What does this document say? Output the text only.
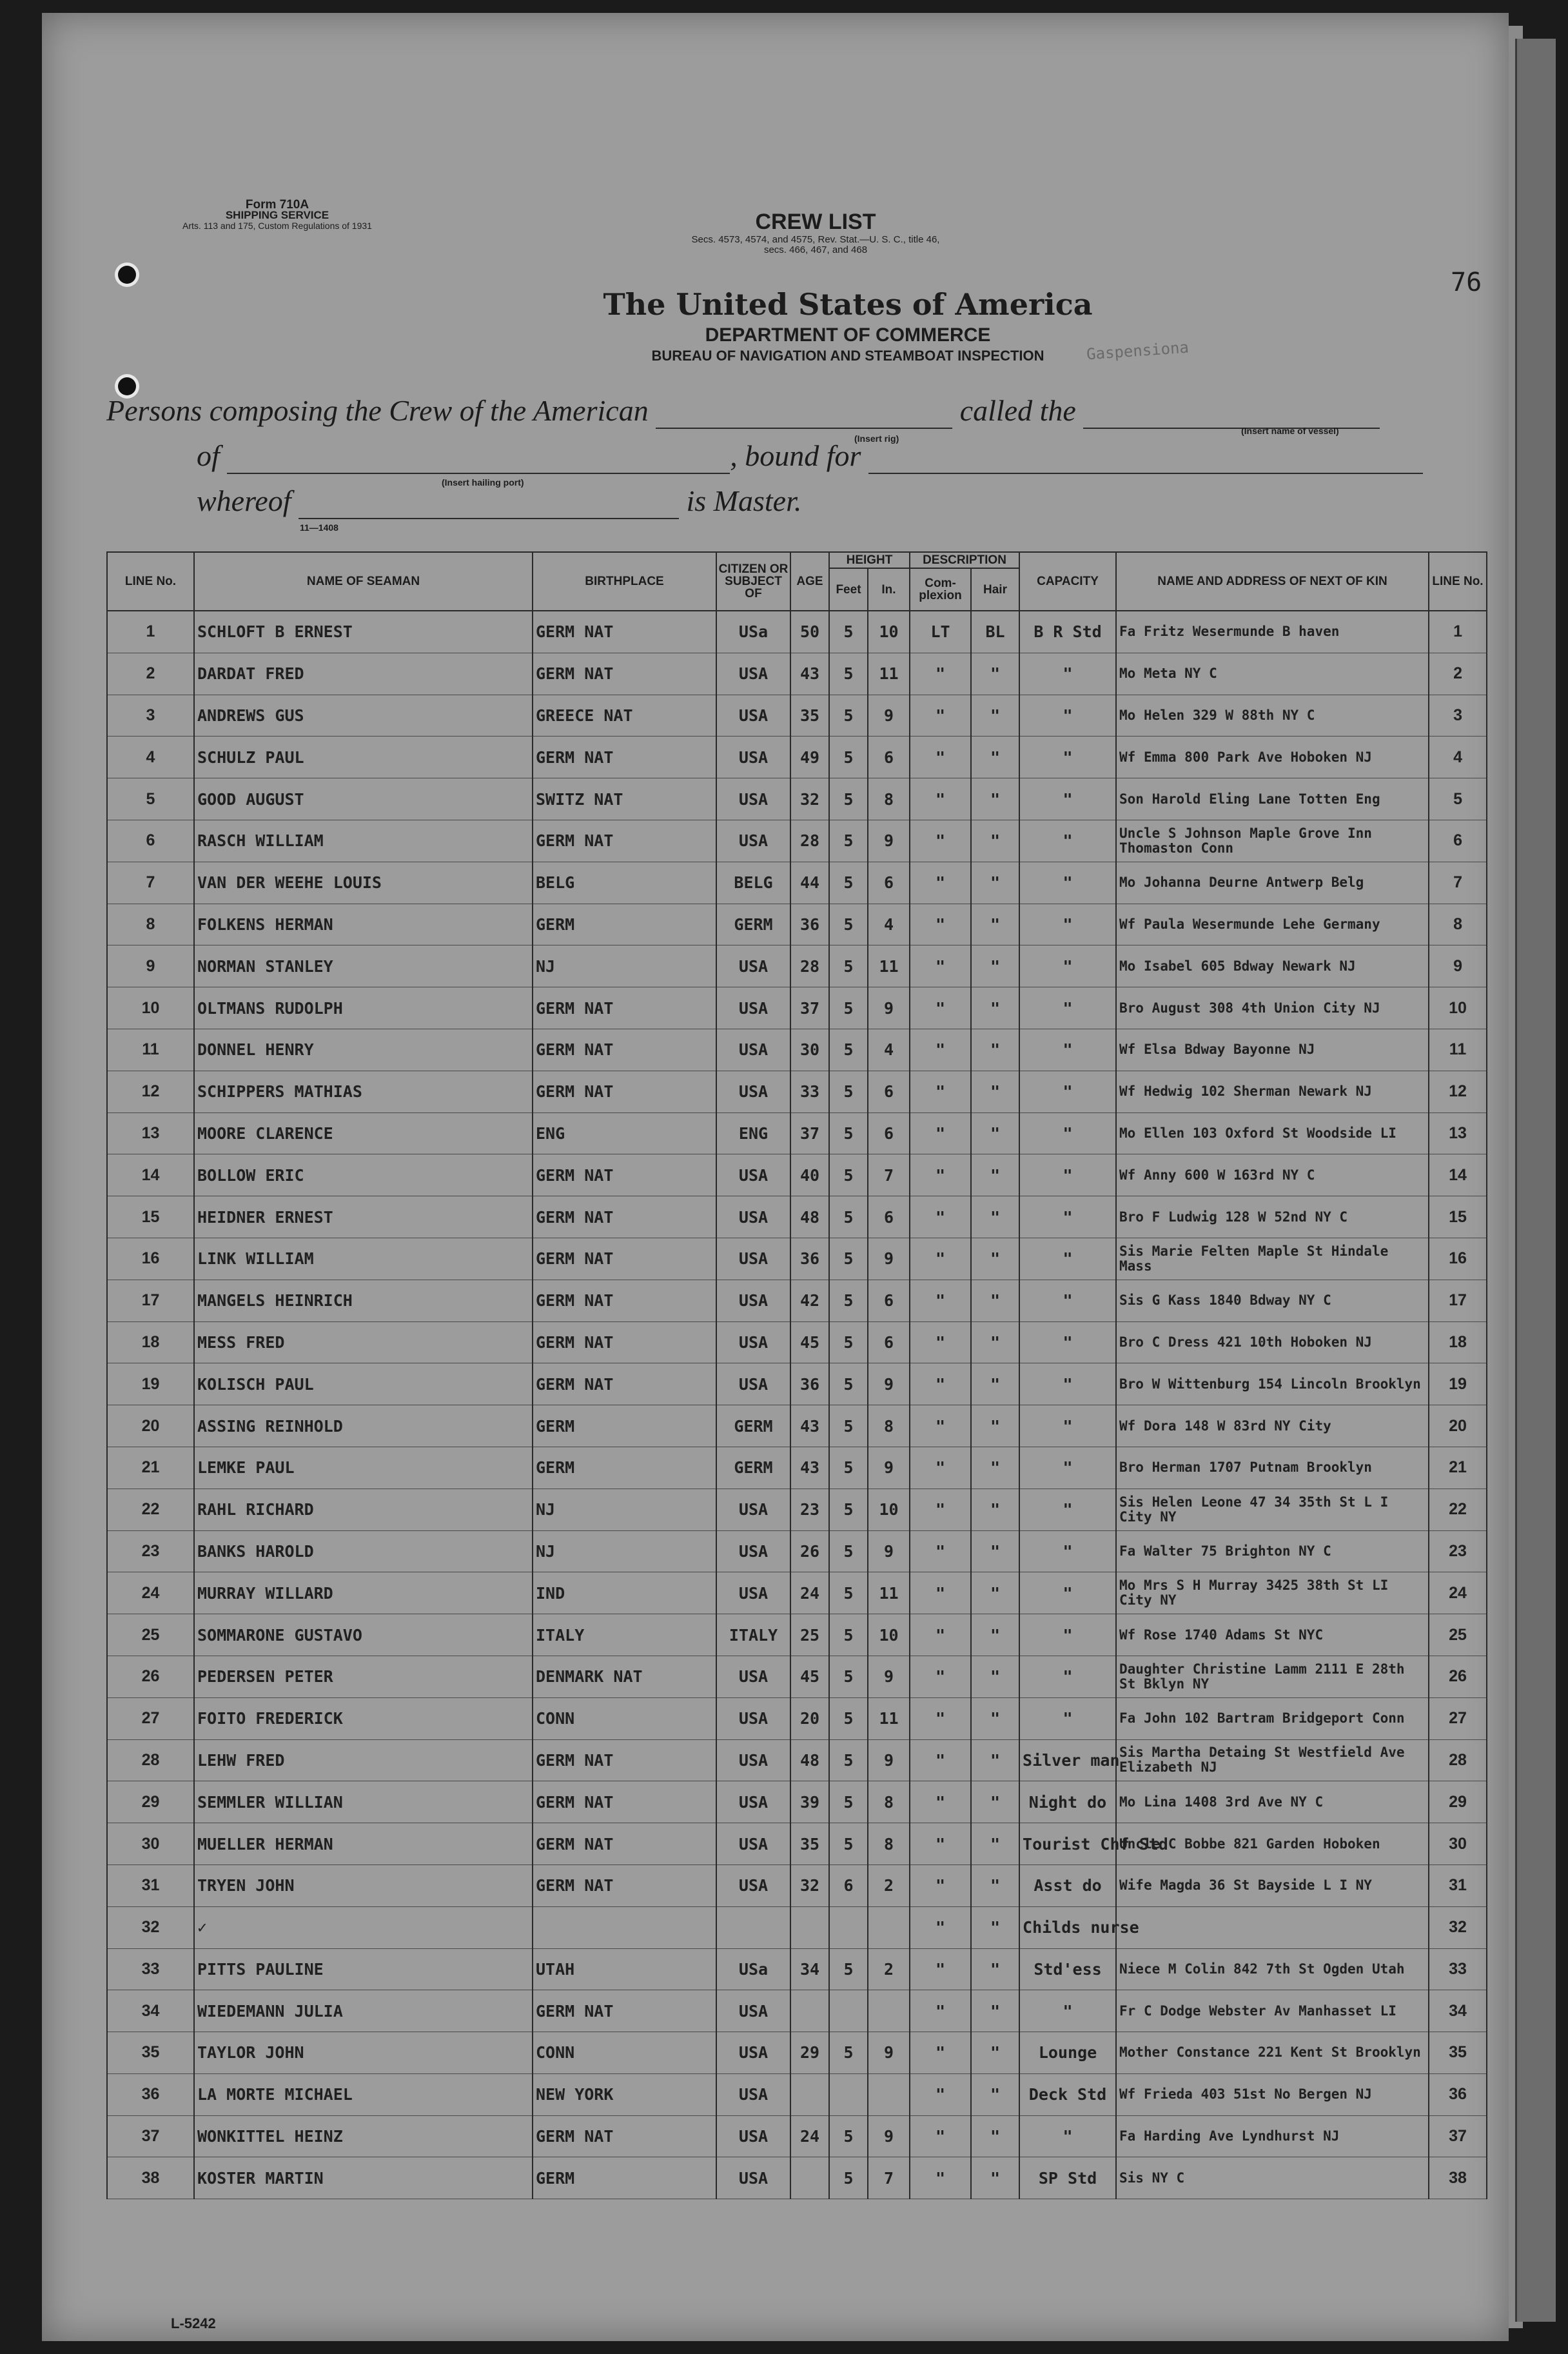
Form 710A
SHIPPING SERVICE
Arts. 113 and 175, Custom Regulations of 1931	CREW LIST
Secs. 4573, 4574, and 4575, Rev. Stat.—U. S. C., title 46,
secs. 466, 467, and 468
76
The United States of America
DEPARTMENT OF COMMERCE
BUREAU OF NAVIGATION AND STEAMBOAT INSPECTION	Gaspensiona
Persons composing the Crew of the American	called the
(Insert rig)
(Insert name of vessel)
of	, bound for
(Insert hailing port)
whereof	is Master.
11—1408
LINE No.	NAME OF SEAMAN	BIRTHPLACE	CITIZEN OR SUBJECT OF	AGE	HEIGHT		DESCRIPTION		CAPACITY	NAME AND ADDRESS OF NEXT OF KIN	LINE No.
					Feet	In.	Com-plexion	Hair			
1	SCHLOFT B ERNEST	GERM NAT	USa	50	5	10	LT	BL	B R Std	Fa Fritz Wesermunde B haven	1
2	DARDAT FRED	GERM NAT	USA	43	5	11	"	"	"	Mo Meta NY C	2
3	ANDREWS GUS	GREECE NAT	USA	35	5	9	"	"	"	Mo Helen 329 W 88th NY C	3
4	SCHULZ PAUL	GERM NAT	USA	49	5	6	"	"	"	Wf Emma 800 Park Ave Hoboken NJ	4
5	GOOD AUGUST	SWITZ NAT	USA	32	5	8	"	"	"	Son Harold Eling Lane Totten Eng	5
6	RASCH WILLIAM	GERM NAT	USA	28	5	9	"	"	"	Uncle S Johnson Maple Grove Inn Thomaston Conn	6
7	VAN DER WEEHE LOUIS	BELG	BELG	44	5	6	"	"	"	Mo Johanna Deurne Antwerp Belg	7
8	FOLKENS HERMAN	GERM	GERM	36	5	4	"	"	"	Wf Paula Wesermunde Lehe Germany	8
9	NORMAN STANLEY	NJ	USA	28	5	11	"	"	"	Mo Isabel 605 Bdway Newark NJ	9
10	OLTMANS RUDOLPH	GERM NAT	USA	37	5	9	"	"	"	Bro August 308 4th Union City NJ	10
11	DONNEL HENRY	GERM NAT	USA	30	5	4	"	"	"	Wf Elsa Bdway Bayonne NJ	11
12	SCHIPPERS MATHIAS	GERM NAT	USA	33	5	6	"	"	"	Wf Hedwig 102 Sherman Newark NJ	12
13	MOORE CLARENCE	ENG	ENG	37	5	6	"	"	"	Mo Ellen 103 Oxford St Woodside LI	13
14	BOLLOW ERIC	GERM NAT	USA	40	5	7	"	"	"	Wf Anny 600 W 163rd NY C	14
15	HEIDNER ERNEST	GERM NAT	USA	48	5	6	"	"	"	Bro F Ludwig 128 W 52nd NY C	15
16	LINK WILLIAM	GERM NAT	USA	36	5	9	"	"	"	Sis Marie Felten Maple St Hindale Mass	16
17	MANGELS HEINRICH	GERM NAT	USA	42	5	6	"	"	"	Sis G Kass 1840 Bdway NY C	17
18	MESS FRED	GERM NAT	USA	45	5	6	"	"	"	Bro C Dress 421 10th Hoboken NJ	18
19	KOLISCH PAUL	GERM NAT	USA	36	5	9	"	"	"	Bro W Wittenburg 154 Lincoln Brooklyn	19
20	ASSING REINHOLD	GERM	GERM	43	5	8	"	"	"	Wf Dora 148 W 83rd NY City	20
21	LEMKE PAUL	GERM	GERM	43	5	9	"	"	"	Bro Herman 1707 Putnam Brooklyn	21
22	RAHL RICHARD	NJ	USA	23	5	10	"	"	"	Sis Helen Leone 47 34 35th St L I City NY	22
23	BANKS HAROLD	NJ	USA	26	5	9	"	"	"	Fa Walter 75 Brighton NY C	23
24	MURRAY WILLARD	IND	USA	24	5	11	"	"	"	Mo Mrs S H Murray 3425 38th St LI City NY	24
25	SOMMARONE GUSTAVO	ITALY	ITALY	25	5	10	"	"	"	Wf Rose 1740 Adams St NYC	25
26	PEDERSEN PETER	DENMARK NAT	USA	45	5	9	"	"	"	Daughter Christine Lamm 2111 E 28th St Bklyn NY	26
27	FOITO FREDERICK	CONN	USA	20	5	11	"	"	"	Fa John 102 Bartram Bridgeport Conn	27
28	LEHW FRED	GERM NAT	USA	48	5	9	"	"	Silver man	Sis Martha Detaing St Westfield Ave Elizabeth NJ	28
29	SEMMLER WILLIAN	GERM NAT	USA	39	5	8	"	"	Night do	Mo Lina 1408 3rd Ave NY C	29
30	MUELLER HERMAN	GERM NAT	USA	35	5	8	"	"	Tourist Chf Std	Uncle C Bobbe 821 Garden Hoboken	30
31	TRYEN JOHN	GERM NAT	USA	32	6	2	"	"	Asst do	Wife Magda 36 St Bayside L I NY	31
32	✓						"	"	Childs nurse		32
33	PITTS PAULINE	UTAH	USa	34	5	2	"	"	Std'ess	Niece M Colin 842 7th St Ogden Utah	33
34	WIEDEMANN JULIA	GERM NAT	USA				"	"	"	Fr C Dodge Webster Av Manhasset LI	34
35	TAYLOR JOHN	CONN	USA	29	5	9	"	"	Lounge	Mother Constance 221 Kent St Brooklyn	35
36	LA MORTE MICHAEL	NEW YORK	USA				"	"	Deck Std	Wf Frieda 403 51st No Bergen NJ	36
37	WONKITTEL HEINZ	GERM NAT	USA	24	5	9	"	"	"	Fa Harding Ave Lyndhurst NJ	37
38	KOSTER MARTIN	GERM	USA		5	7	"	"	SP Std	Sis NY C	38
L-5242
